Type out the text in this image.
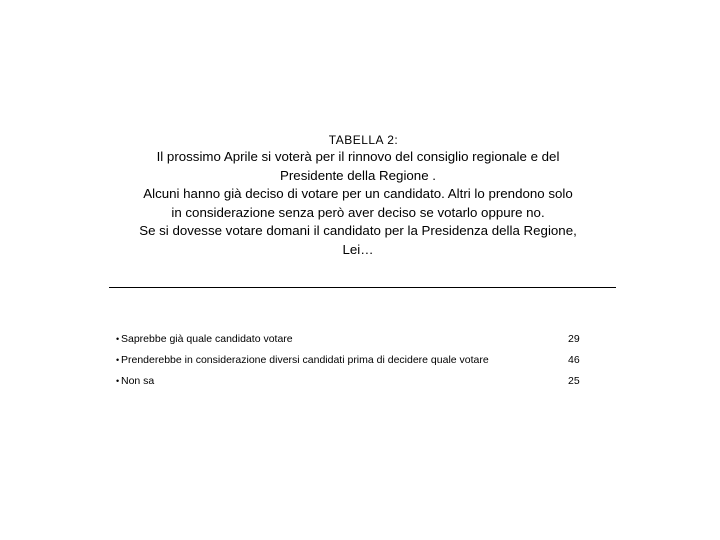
TABELLA 2:
Il prossimo Aprile si voterà per il rinnovo del consiglio regionale e del
Presidente della Regione .
Alcuni hanno già deciso di votare per un candidato. Altri lo prendono solo
in considerazione senza però aver deciso se votarlo oppure no.
Se si dovesse votare domani il candidato per la Presidenza della Regione,
Lei…
• Saprebbe già quale candidato votare	29
• Prenderebbe in considerazione diversi candidati prima di decidere quale votare	46
• Non sa	25
